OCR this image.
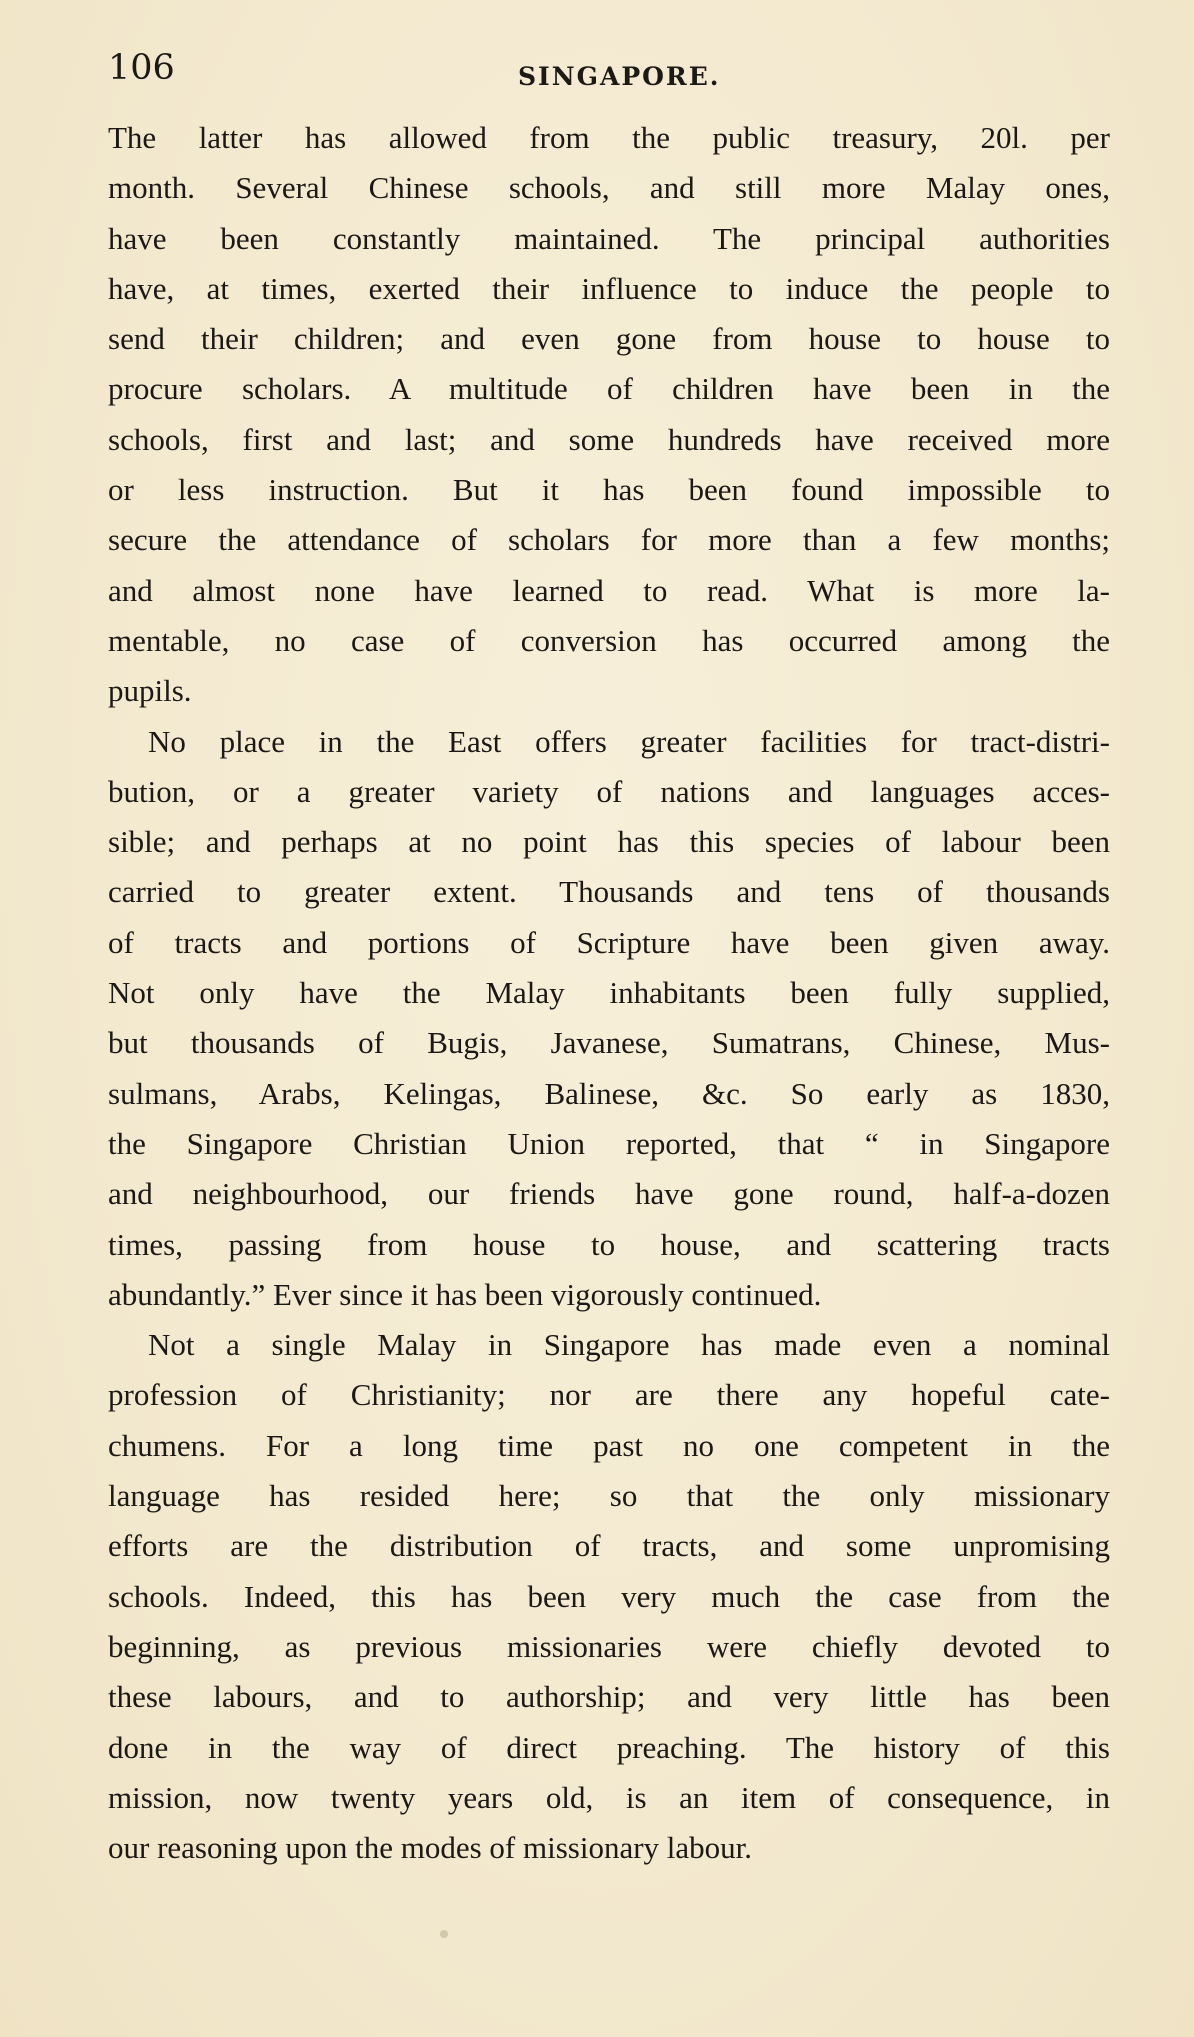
106	SINGAPORE.
The latter has allowed from the public treasury, 20l. per
month. Several Chinese schools, and still more Malay ones,
have been constantly maintained. The principal authorities
have, at times, exerted their influence to induce the people to
send their children; and even gone from house to house to
procure scholars. A multitude of children have been in the
schools, first and last; and some hundreds have received more
or less instruction. But it has been found impossible to
secure the attendance of scholars for more than a few months;
and almost none have learned to read. What is more la-
mentable, no case of conversion has occurred among the
pupils.
No place in the East offers greater facilities for tract-distri-
bution, or a greater variety of nations and languages acces-
sible; and perhaps at no point has this species of labour been
carried to greater extent. Thousands and tens of thousands
of tracts and portions of Scripture have been given away.
Not only have the Malay inhabitants been fully supplied,
but thousands of Bugis, Javanese, Sumatrans, Chinese, Mus-
sulmans, Arabs, Kelingas, Balinese, &c. So early as 1830,
the Singapore Christian Union reported, that “ in Singapore
and neighbourhood, our friends have gone round, half-a-dozen
times, passing from house to house, and scattering tracts
abundantly.” Ever since it has been vigorously continued.
Not a single Malay in Singapore has made even a nominal
profession of Christianity; nor are there any hopeful cate-
chumens. For a long time past no one competent in the
language has resided here; so that the only missionary
efforts are the distribution of tracts, and some unpromising
schools. Indeed, this has been very much the case from the
beginning, as previous missionaries were chiefly devoted to
these labours, and to authorship; and very little has been
done in the way of direct preaching. The history of this
mission, now twenty years old, is an item of consequence, in
our reasoning upon the modes of missionary labour.
